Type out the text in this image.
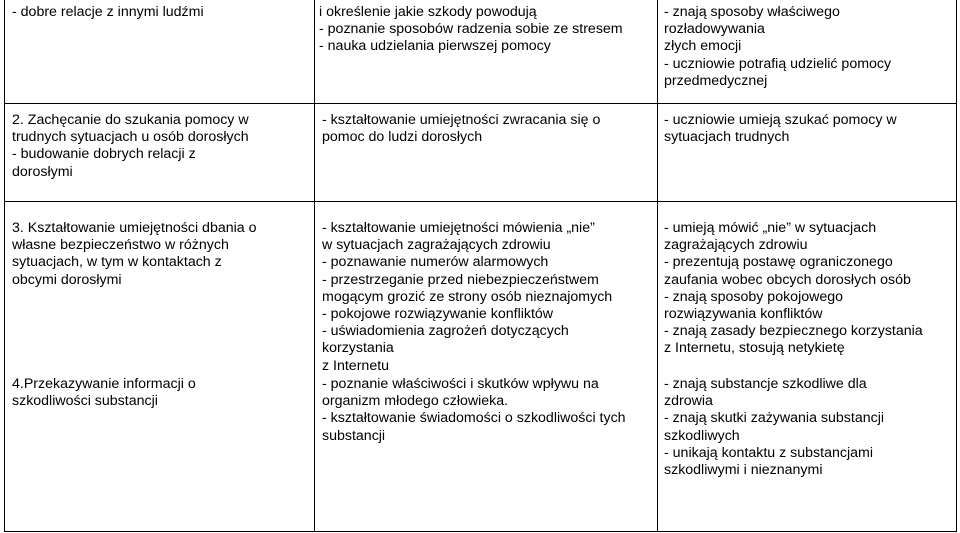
- dobre relacje z innymi ludźmi	i określenie jakie szkody powodują
- poznanie sposobów radzenia sobie ze stresem
- nauka udzielania pierwszej pomocy
- znają sposoby właściwego
rozładowywania
złych emocji
- uczniowie potrafią udzielić pomocy
przedmedycznej
2. Zachęcanie do szukania pomocy w
trudnych sytuacjach u osób dorosłych
- budowanie dobrych relacji z
dorosłymi
- kształtowanie umiejętności zwracania się o
pomoc do ludzi dorosłych
- uczniowie umieją szukać pomocy w
sytuacjach trudnych
3. Kształtowanie umiejętności dbania o
własne bezpieczeństwo w różnych
sytuacjach, w tym w kontaktach z
obcymi dorosłymi
- kształtowanie umiejętności mówienia „nie”
w sytuacjach zagrażających zdrowiu
- poznawanie numerów alarmowych
- przestrzeganie przed niebezpieczeństwem
mogącym grozić ze strony osób nieznajomych
- pokojowe rozwiązywanie konfliktów
- uświadomienia zagrożeń dotyczących
korzystania
z Internetu
- umieją mówić „nie” w sytuacjach
zagrażających zdrowiu
- prezentują postawę ograniczonego
zaufania wobec obcych dorosłych osób
- znają sposoby pokojowego
rozwiązywania konfliktów
- znają zasady bezpiecznego korzystania
z Internetu, stosują netykietę
4.Przekazywanie informacji o
szkodliwości substancji
- poznanie właściwości i skutków wpływu na
organizm młodego człowieka.
- kształtowanie świadomości o szkodliwości tych
substancji
- znają substancje szkodliwe dla
zdrowia
- znają skutki zażywania substancji
szkodliwych
- unikają kontaktu z substancjami
szkodliwymi i nieznanymi
